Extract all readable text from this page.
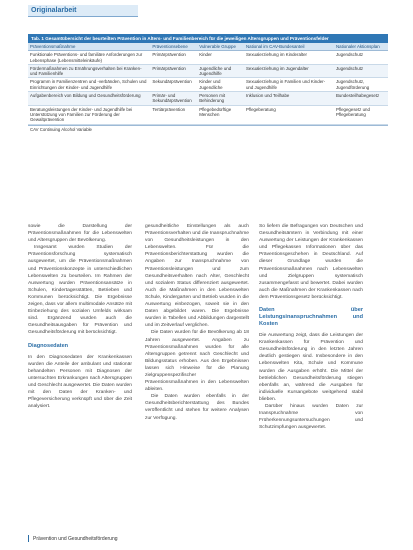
Originalarbeit
Tab. 1 Gesamtübersicht der beurteilten Prävention in Alters- und Familienbereich für die jeweiligen Altersgruppen und Präventionsfelder
Präventionsmaßnahme	Präventionsebene	Vulnerable Gruppe	National im CAV-Bundesanteil	Nationaler Aktionsplan
Funktionale Präventions- und familiäre Anforderungen zur Lebensphase (Lebensmitteleinkäufe)	Primärprävention	Kinder	Sexualerziehung im Kinderalter	Jugendschutz
Fördermaßnahmen zu Ernährungsverhalten bei Kranken- und Familienhilfe	Primärprävention	Jugendliche und Jugendhilfe	Sexualerziehung im Jugendalter	Jugendschutz
Programm in Familienzentren und -verbänden, Schulen und Einrichtungen der Kinder- und Jugendhilfe	Sekundärprävention	Kinder und Jugendliche	Sexualerziehung in Familien und Kinder- und Jugendhilfe	Jugendschutz, Jugendförderung
Aufgabenbereich von Bildung und Gesundheitsförderung	Primär- und Sekundärprävention	Personen mit Behinderung	Inklusion und Teilhabe	Bundesteilhabegesetz
Beratungsleistungen der Kinder- und Jugendhilfe bei Unterstützung von Familien zur Förderung der Gewaltprävention	Tertiärprävention	Pflegebedürftige Menschen	Pflegeberatung	Pflegegesetz und Pflegeberatung
CAV Continuing Alcohol Variable

sowie die Darstellung der Präventionsmaßnahmen für die Lebenswelten und Altersgruppen der Bevölkerung.

Insgesamt wurden Studien der Präventionsforschung systematisch ausgewertet, um die Präventionsmaßnahmen und Präventionskonzepte in unterschiedlichen Lebenswelten zu beurteilen. Im Rahmen der Auswertung wurden Präventionsansätze in Schulen, Kindertagesstätten, Betrieben und Kommunen berücksichtigt. Die Ergebnisse zeigen, dass vor allem multimodale Ansätze mit Einbeziehung des sozialen Umfelds wirksam sind. Ergänzend wurden auch die Gesundheitsausgaben für Prävention und Gesundheitsförderung mit berücksichtigt.

Diagnosedaten

In den Diagnosedaten der Krankenkassen wurden die Anteile der ambulant und stationär behandelten Personen mit Diagnosen der untersuchten Erkrankungen nach Altersgruppen und Geschlecht ausgewertet. Die Daten wurden mit den Daten der Kranken- und Pflegeversicherung verknüpft und über die Zeit analysiert.

gesundheitliche Einstellungen als auch Präventionsverhalten und die Inanspruchnahme von Gesundheitsleistungen in den Lebenswelten. Für die Präventionsberichterstattung wurden die Angaben zur Inanspruchnahme von Präventionsleistungen und zum Gesundheitsverhalten nach Alter, Geschlecht und sozialem Status differenziert ausgewertet. Auch die Maßnahmen in den Lebenswelten Schule, Kindergarten und Betrieb wurden in die Auswertung einbezogen, soweit sie in den Daten abgebildet waren. Die Ergebnisse wurden in Tabellen und Abbildungen dargestellt und im Zeitverlauf verglichen.

Die Daten wurden für die Bevölkerung ab 18 Jahren ausgewertet. Angaben zu Präventionsmaßnahmen wurden für alle Altersgruppen getrennt nach Geschlecht und Bildungsstatus erhoben. Aus den Ergebnissen lassen sich Hinweise für die Planung zielgruppenspezifischer Präventionsmaßnahmen in den Lebenswelten ableiten.

Die Daten wurden ebenfalls in der Gesundheitsberichterstattung des Bundes veröffentlicht und stehen für weitere Analysen zur Verfügung.

So liefern die Befragungen von Deutschen und Gesundheitsämtern in Verbindung mit einer Auswertung der Leistungen der Krankenkassen und Pflegekassen Informationen über das Präventionsgeschehen in Deutschland. Auf dieser Grundlage wurden die Präventionsmaßnahmen nach Lebenswelten und Zielgruppen systematisch zusammengefasst und bewertet. Dabei wurden auch die Maßnahmen der Krankenkassen nach dem Präventionsgesetz berücksichtigt.

Daten über Leistungsinanspruchnahmen und Kosten

Die Auswertung zeigt, dass die Leistungen der Krankenkassen für Prävention und Gesundheitsförderung in den letzten Jahren deutlich gestiegen sind. Insbesondere in den Lebenswelten Kita, Schule und Kommune wurden die Ausgaben erhöht. Die Mittel der betrieblichen Gesundheitsförderung stiegen ebenfalls an, während die Ausgaben für individuelle Kursangebote weitgehend stabil blieben.

Darüber hinaus wurden Daten zur Inanspruchnahme von Früherkennungsuntersuchungen und Schutzimpfungen ausgewertet.

Prävention und Gesundheitsförderung
